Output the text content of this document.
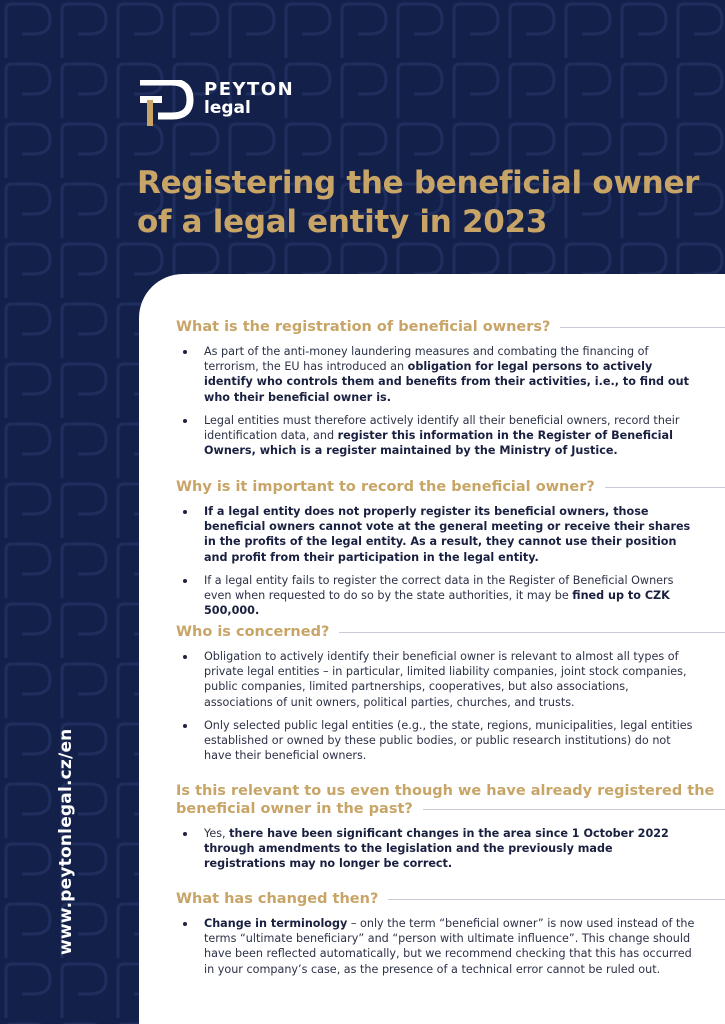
PEYTON
legal
Registering the beneficial owner
of a legal entity in 2023
www.peytonlegal.cz/en
What is the registration of beneficial owners?
As part of the anti-money laundering measures and combating the financing of terrorism, the EU has introduced an obligation for legal persons to actively identify who controls them and benefits from their activities, i.e., to find out who their beneficial owner is.
Legal entities must therefore actively identify all their beneficial owners, record their identification data, and register this information in the Register of Beneficial Owners, which is a register maintained by the Ministry of Justice.
Why is it important to record the beneficial owner?
If a legal entity does not properly register its beneficial owners, those beneficial owners cannot vote at the general meeting or receive their shares in the profits of the legal entity. As a result, they cannot use their position and profit from their participation in the legal entity.
If a legal entity fails to register the correct data in the Register of Beneficial Owners even when requested to do so by the state authorities, it may be fined up to CZK 500,000.
Who is concerned?
Obligation to actively identify their beneficial owner is relevant to almost all types of private legal entities – in particular, limited liability companies, joint stock companies, public companies, limited partnerships, cooperatives, but also associations, associations of unit owners, political parties, churches, and trusts.
Only selected public legal entities (e.g., the state, regions, municipalities, legal entities established or owned by these public bodies, or public research institutions) do not have their beneficial owners.
Is this relevant to us even though we have already registered the
beneficial owner in the past?
Yes, there have been significant changes in the area since 1 October 2022 through amendments to the legislation and the previously made registrations may no longer be correct.
What has changed then?
Change in terminology – only the term “beneficial owner” is now used instead of the terms “ultimate beneficiary” and “person with ultimate influence”. This change should have been reflected automatically, but we recommend checking that this has occurred in your company’s case, as the presence of a technical error cannot be ruled out.
